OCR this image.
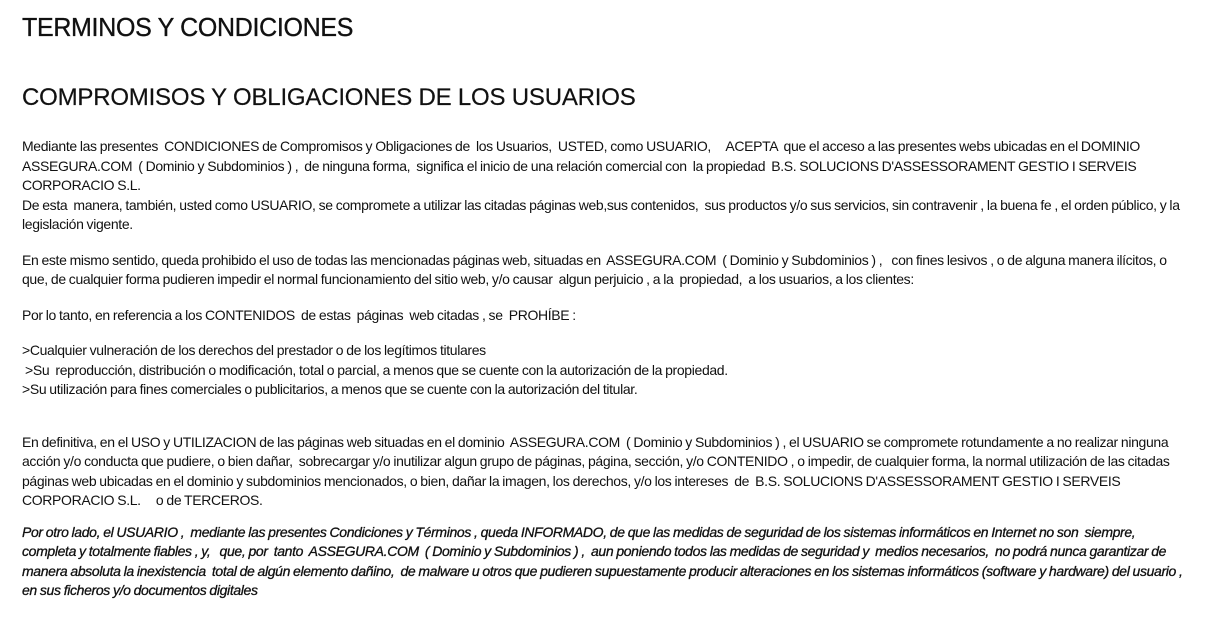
TERMINOS Y CONDICIONES
COMPROMISOS Y OBLIGACIONES DE LOS USUARIOS

Mediante las presentes  CONDICIONES de Compromisos y Obligaciones de  los Usuarios,  USTED, como USUARIO,     ACEPTA  que el acceso a las presentes webs ubicadas en el DOMINIO  ASSEGURA.COM  ( Dominio y Subdominios ) ,  de ninguna forma,  significa el inicio de una relación comercial con  la propiedad  B.S. SOLUCIONS D'ASSESSORAMENT GESTIO I SERVEIS CORPORACIO S.L.

De esta  manera, también, usted como USUARIO, se compromete a utilizar las citadas páginas web,sus contenidos,  sus productos y/o sus servicios, sin contravenir , la buena fe , el orden público, y la legislación vigente.

En este mismo sentido, queda prohibido el uso de todas las mencionadas páginas web, situadas en  ASSEGURA.COM  ( Dominio y Subdominios ) ,   con fines lesivos , o de alguna manera ilícitos, o que, de cualquier forma pudieren impedir el normal funcionamiento del sitio web, y/o causar  algun perjuicio , a la  propiedad,  a los usuarios, a los clientes:

Por lo tanto, en referencia a los CONTENIDOS  de estas  páginas  web citadas , se  PROHÍBE :

>Cualquier vulneración de los derechos del prestador o de los legítimos titulares

>Su  reproducción, distribución o modificación, total o parcial, a menos que se cuente con la autorización de la propiedad.

>Su utilización para fines comerciales o publicitarios, a menos que se cuente con la autorización del titular.

En definitiva, en el USO y UTILIZACION de las páginas web situadas en el dominio  ASSEGURA.COM  ( Dominio y Subdominios ) , el USUARIO se compromete rotundamente a no realizar ninguna acción y/o conducta que pudiere, o bien dañar,  sobrecargar y/o inutilizar algun grupo de páginas, página, sección, y/o CONTENIDO , o impedir, de cualquier forma, la normal utilización de las citadas páginas web ubicadas en el dominio y subdominios mencionados, o bien, dañar la imagen, los derechos, y/o los intereses  de  B.S. SOLUCIONS D'ASSESSORAMENT GESTIO I SERVEIS CORPORACIO S.L.     o de TERCEROS.

Por otro lado, el USUARIO ,  mediante las presentes Condiciones y Términos , queda INFORMADO, de que las medidas de seguridad de los sistemas informáticos en Internet no son  siempre, completa y totalmente fiables , y,   que, por  tanto  ASSEGURA.COM  ( Dominio y Subdominios ) ,  aun poniendo todos las medidas de seguridad y  medios necesarios,  no podrá nunca garantizar de manera absoluta la inexistencia  total de algún elemento dañino,  de malware u otros que pudieren supuestamente producir alteraciones en los sistemas informáticos (software y hardware) del usuario ,  en sus ficheros y/o documentos digitales
